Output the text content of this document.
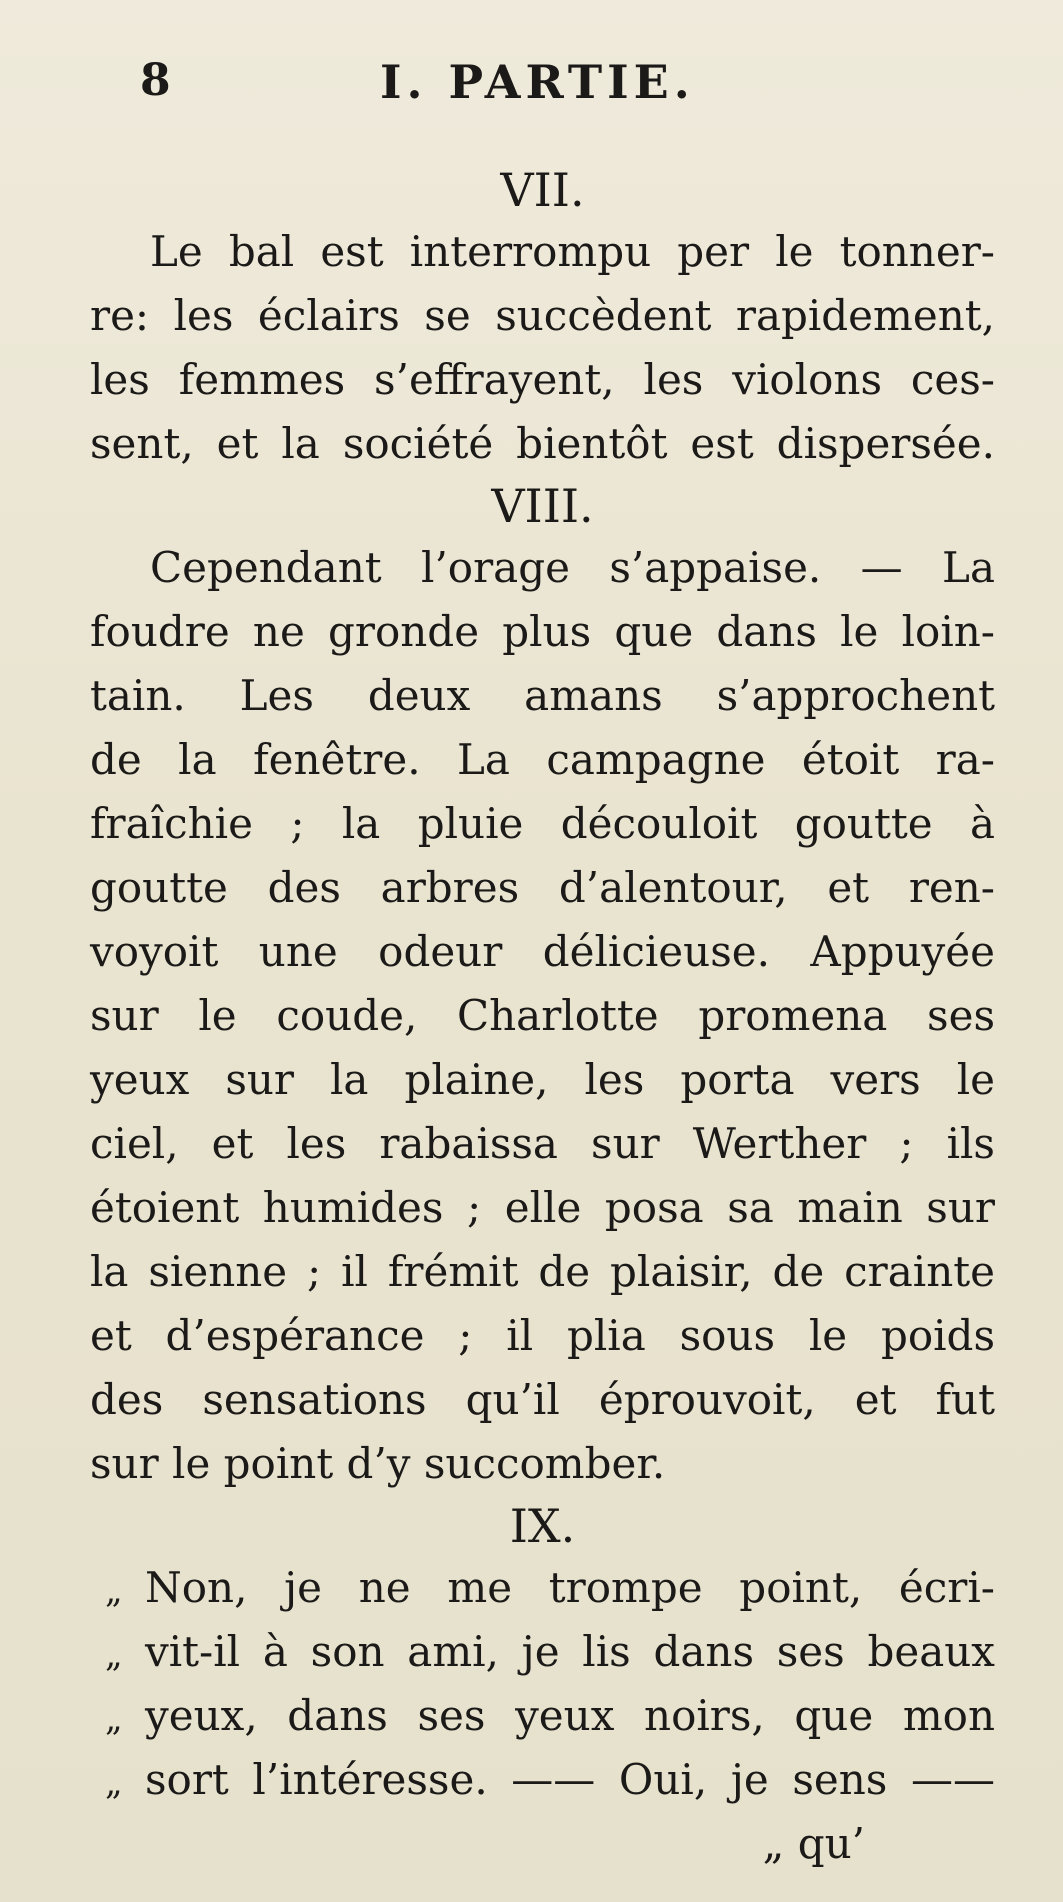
8	I. PARTIE.
VII.
Le bal est interrompu per le tonner-
re: les éclairs se succèdent rapidement,
les femmes s’effrayent, les violons ces-
sent, et la société bientôt est dispersée.
VIII.
Cependant l’orage s’appaise. — La
foudre ne gronde plus que dans le loin-
tain. Les deux amans s’approchent
de la fenêtre. La campagne étoit ra-
fraîchie ; la pluie découloit goutte à
goutte des arbres d’alentour, et ren-
voyoit une odeur délicieuse. Appuyée
sur le coude, Charlotte promena ses
yeux sur la plaine, les porta vers le
ciel, et les rabaissa sur Werther ; ils
étoient humides ; elle posa sa main sur
la sienne ; il frémit de plaisir, de crainte
et d’espérance ; il plia sous le poids
des sensations qu’il éprouvoit, et fut
sur le point d’y succomber.
IX.
„ Non, je ne me trompe point, écri-
„ vit-il à son ami, je lis dans ses beaux
„ yeux, dans ses yeux noirs, que mon
„ sort l’intéresse. —— Oui, je sens ——
„ qu’
